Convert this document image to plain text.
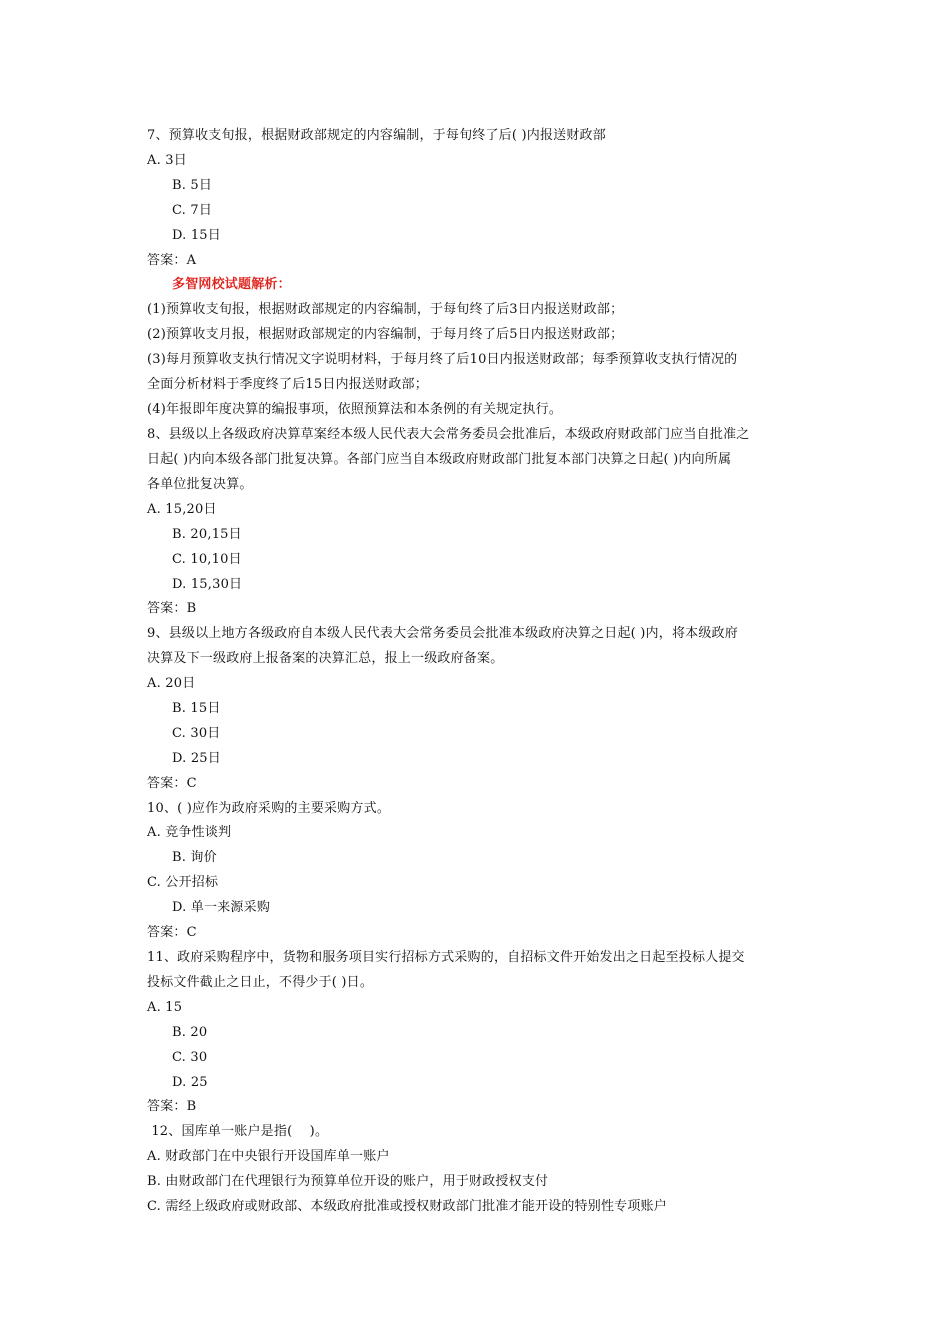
7、预算收支旬报，根据财政部规定的内容编制，于每旬终了后( )内报送财政部
A. 3日
B. 5日
C. 7日
D. 15日
答案：A
多智网校试题解析：
(1)预算收支旬报，根据财政部规定的内容编制，于每旬终了后3日内报送财政部；
(2)预算收支月报，根据财政部规定的内容编制，于每月终了后5日内报送财政部；
(3)每月预算收支执行情况文字说明材料，于每月终了后10日内报送财政部；每季预算收支执行情况的
全面分析材料于季度终了后15日内报送财政部；
(4)年报即年度决算的编报事项，依照预算法和本条例的有关规定执行。
8、县级以上各级政府决算草案经本级人民代表大会常务委员会批准后，本级政府财政部门应当自批准之
日起( )内向本级各部门批复决算。各部门应当自本级政府财政部门批复本部门决算之日起( )内向所属
各单位批复决算。
A. 15,20日
B. 20,15日
C. 10,10日
D. 15,30日
答案：B
9、县级以上地方各级政府自本级人民代表大会常务委员会批准本级政府决算之日起( )内，将本级政府
决算及下一级政府上报备案的决算汇总，报上一级政府备案。
A. 20日
B. 15日
C. 30日
D. 25日
答案：C
10、( )应作为政府采购的主要采购方式。
A. 竞争性谈判
B. 询价
C. 公开招标
D. 单一来源采购
答案：C
11、政府采购程序中，货物和服务项目实行招标方式采购的，自招标文件开始发出之日起至投标人提交
投标文件截止之日止，不得少于( )日。
A. 15
B. 20
C. 30
D. 25
答案：B
12、国库单一账户是指(    )。
A. 财政部门在中央银行开设国库单一账户
B. 由财政部门在代理银行为预算单位开设的账户，用于财政授权支付
C. 需经上级政府或财政部、本级政府批准或授权财政部门批准才能开设的特别性专项账户
